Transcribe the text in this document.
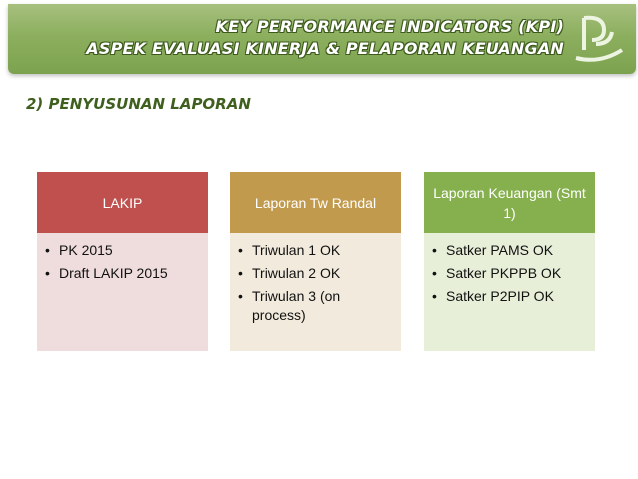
KEY PERFORMANCE INDICATORS (KPI)
ASPEK EVALUASI KINERJA & PELAPORAN KEUANGAN
2) PENYUSUNAN LAPORAN
LAKIP
• PK 2015
• Draft LAKIP 2015
Laporan Tw Randal
• Triwulan 1 OK
• Triwulan 2 OK
• Triwulan 3 (on process)
Laporan Keuangan (Smt 1)
• Satker PAMS OK
• Satker PKPPB OK
• Satker P2PIP OK
